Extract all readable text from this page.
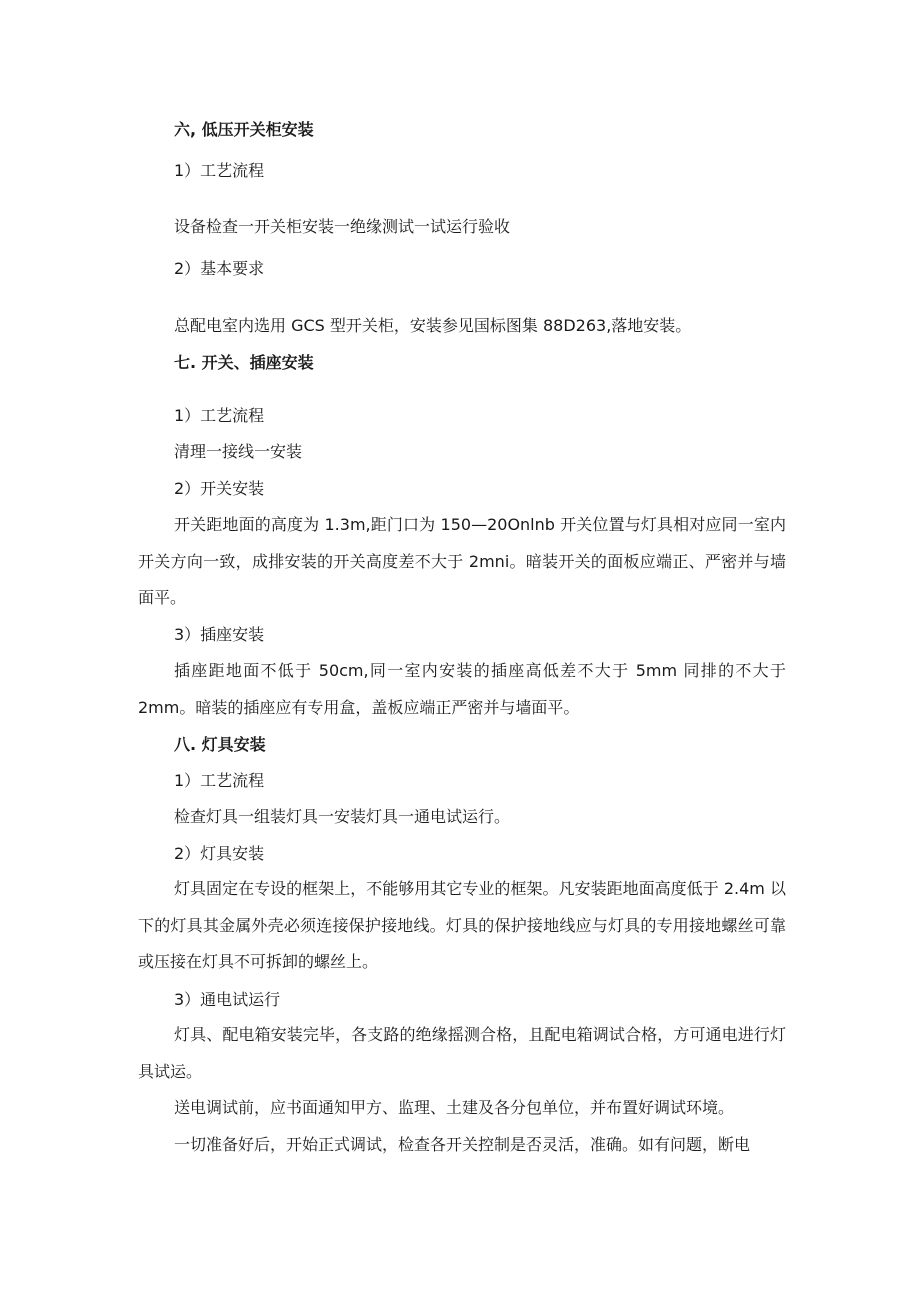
六, 低压开关柜安装
1）工艺流程
设备检查一开关柜安装一绝缘测试一试运行验收
2）基本要求
总配电室内选用 GCS 型开关柜，安装参见国标图集 88D263,落地安装。
七. 开关、插座安装
1）工艺流程
清理一接线一安装
2）开关安装

开关距地面的高度为 1.3m,距门口为 150—20Onlnb 开关位置与灯具相对应同一室内开关方向一致，成排安装的开关高度差不大于 2mni。暗装开关的面板应端正、严密并与墙面平。

3）插座安装

插座距地面不低于 50cm,同一室内安装的插座高低差不大于 5mm 同排的不大于 2mm。暗装的插座应有专用盒，盖板应端正严密并与墙面平。

八. 灯具安装
1）工艺流程
检查灯具一组装灯具一安装灯具一通电试运行。
2）灯具安装

灯具固定在专设的框架上，不能够用其它专业的框架。凡安装距地面高度低于 2.4m 以下的灯具其金属外壳必须连接保护接地线。灯具的保护接地线应与灯具的专用接地螺丝可靠或压接在灯具不可拆卸的螺丝上。

3）通电试运行

灯具、配电箱安装完毕，各支路的绝缘摇测合格，且配电箱调试合格，方可通电进行灯具试运。

送电调试前，应书面通知甲方、监理、土建及各分包单位，并布置好调试环境。

一切准备好后，开始正式调试，检查各开关控制是否灵活，准确。如有问题，断电
